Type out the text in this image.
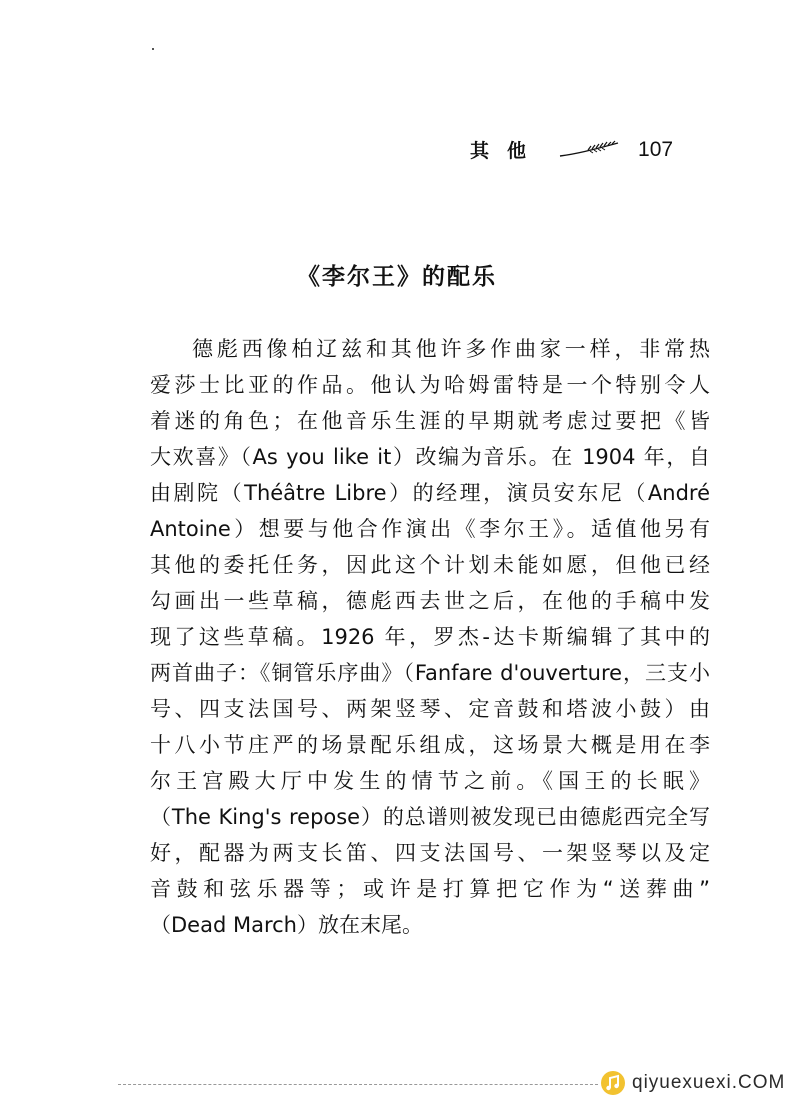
其他	107
《李尔王》的配乐
德彪西像柏辽兹和其他许多作曲家一样，非常热
爱莎士比亚的作品。他认为哈姆雷特是一个特别令人
着迷的角色；在他音乐生涯的早期就考虑过要把《皆
大欢喜》（As you like it）改编为音乐。在 1904 年，自
由剧院（Théâtre Libre）的经理，演员安东尼（André
Antoine）想要与他合作演出《李尔王》。适值他另有
其他的委托任务，因此这个计划未能如愿，但他已经
勾画出一些草稿，德彪西去世之后，在他的手稿中发
现了这些草稿。1926 年，罗杰-达卡斯编辑了其中的
两首曲子：《铜管乐序曲》（Fanfare d'ouverture，三支小
号、四支法国号、两架竖琴、定音鼓和塔波小鼓）由
十八小节庄严的场景配乐组成，这场景大概是用在李
尔王宫殿大厅中发生的情节之前。《国王的长眠》
（The King's repose）的总谱则被发现已由德彪西完全写
好，配器为两支长笛、四支法国号、一架竖琴以及定
音鼓和弦乐器等；或许是打算把它作为“送葬曲”
（Dead March）放在末尾。
qiyuexuexi.COM
